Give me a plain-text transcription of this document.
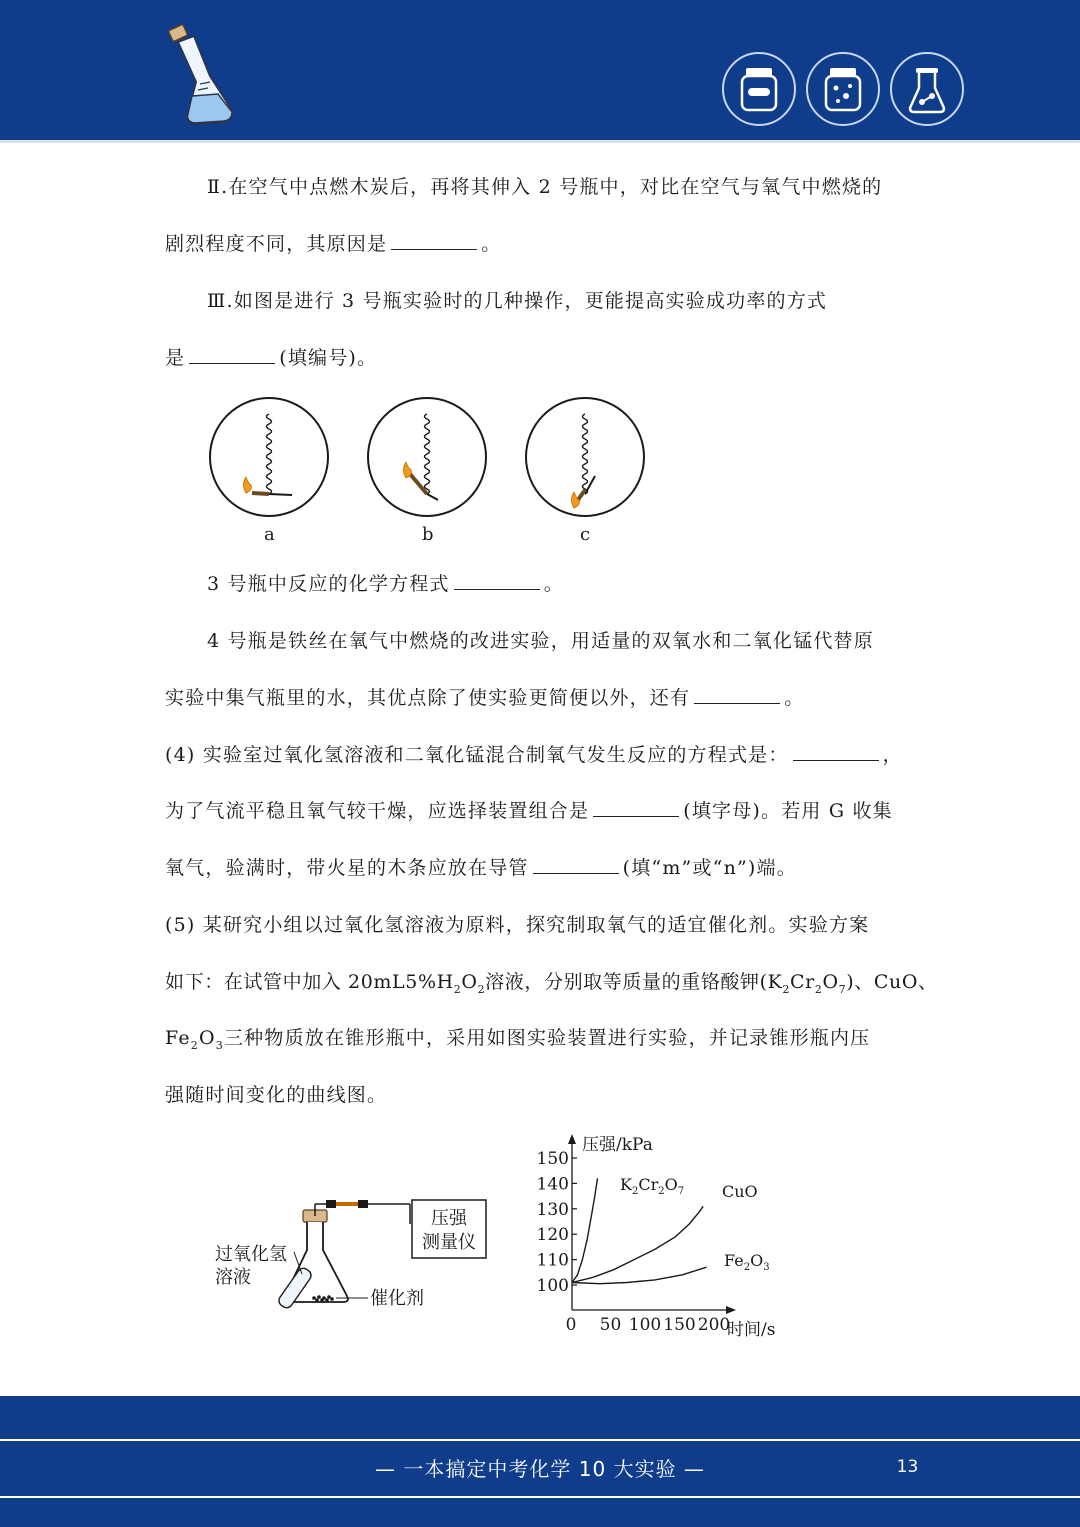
Ⅱ.在空气中点燃木炭后，再将其伸入 2 号瓶中，对比在空气与氧气中燃烧的
剧烈程度不同，其原因是	。
Ⅲ.如图是进行 3 号瓶实验时的几种操作，更能提高实验成功率的方式
是	(填编号)。
a	b	c
3 号瓶中反应的化学方程式	。
4 号瓶是铁丝在氧气中燃烧的改进实验，用适量的双氧水和二氧化锰代替原
实验中集气瓶里的水，其优点除了使实验更简便以外，还有	。
(4) 实验室过氧化氢溶液和二氧化锰混合制氧气发生反应的方程式是：	，
为了气流平稳且氧气较干燥，应选择装置组合是	(填字母)。若用 G 收集
氧气，验满时，带火星的木条应放在导管	(填“m”或“n”)端。
(5) 某研究小组以过氧化氢溶液为原料，探究制取氧气的适宜催化剂。实验方案
如下：在试管中加入 $20mL5\%H_2O_2$溶液，分别取等质量的重铬酸钾$(K_2Cr_2O_7)$、CuO、
$Fe_2O_3$三种物质放在锥形瓶中，采用如图实验装置进行实验，并记录锥形瓶内压
强随时间变化的曲线图。
压强
测量仪
过氧化氢
溶液
催化剂
压强/kPa
时间/s
100
110
120
130
140
150
0 50 100 150 200
$K_2Cr_2O_7$ CuO
$Fe_2O_3$
— 一本搞定中考化学 10 大实验 —	13
